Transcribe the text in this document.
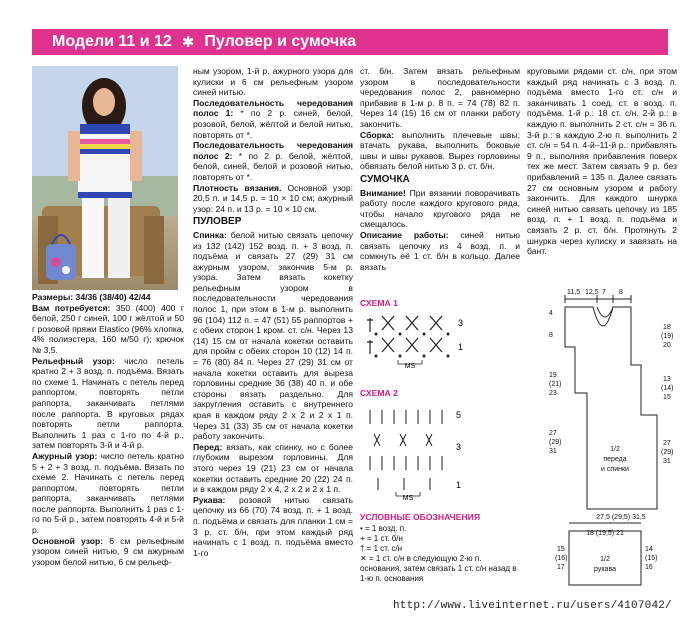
Модели 11 и 12 ✱ Пуловер и сумочка

Размеры: 34/36 (38/40) 42/44

Вам потребуется: 350 (400) 400 г белой, 250 г синей, 100 г жёлтой и 50 г розовой пряжи Elastico (96% хлопка, 4% полиэстера, 160 м/50 г); крючок № 3,5.

Рельефный узор: число петель кратно 2 + 3 возд. п. подъёма. Вязать по схеме 1. Начинать с петель перед раппортом, повторять петли раппорта, заканчивать петлями после раппорта. В круговых рядах повторять петли раппорта. Выполнить 1 раз с 1-го по 4-й р., затем повторять 3-й и 4-й р.

Ажурный узор: число петель кратно 5 + 2 + 3 возд. п. подъёма. Вязать по схеме 2. Начинать с петель перед раппортом, повторять петли раппорта, заканчивать петлями после раппорта. Выполнить 1 раз с 1-го по 5-й р., затем повторять 4-й и 5-й р.

Основной узор: 6 см рельефным узором синей нитью, 9 см ажурным узором белой нитью, 6 см рельеф-

ным узором, 1-й р. ажурного узора для кулиски и 6 см рельефным узором синей нитью.

Последовательность чередования полос 1: * по 2 р. синей, белой, розовой, белой, жёлтой и белой нитью, повторять от *.

Последовательность чередования полос 2: * по 2 р. белой, жёлтой, белой, синей, белой и розовой нитью, повторять от *.

Плотность вязания. Основной узор: 20,5 п. и 14,5 р. = 10 × 10 см; ажурный узор: 24 п. и 13 р. = 10 × 10 см.

ПУЛОВЕР

Спинка: белой нитью связать цепочку из 132 (142) 152 возд. п. + 3 возд. п. подъёма и связать 27 (29) 31 см ажурным узором, закончив 5-м р. узора. Затем вязать кокетку рельефным узором в последовательности чередования полос 1, при этом в 1-м р. выполнить 96 (104) 112 п. = 47 (51) 55 раппортов + с обеих сторон 1 кром. ст. с/н. Через 13 (14) 15 см от начала кокетки оставить для пройм с обеих сторон 10 (12) 14 п. = 76 (80) 84 п. Через 27 (29) 31 см от начала кокетки оставить для выреза горловины средние 36 (38) 40 п. и обе стороны вязать раздельно. Для закругления оставить с внутреннего края в каждом ряду 2 х 2 и 2 х 1 п. Через 31 (33) 35 см от начала кокетки работу закончить.

Перед: вязать, как спинку, но с более глубоким вырезом горловины. Для этого через 19 (21) 23 см от начала кокетки оставить средние 20 (22) 24 п. и в каждом ряду 2 х 4, 2 х 2 и 2 х 1 п.

Рукава: розовой нитью связать цепочку из 66 (70) 74 возд. п. + 1 возд. п. подъёма и связать для планки 1 см = 3 р. ст. б/н, при этом каждый ряд начинать с 1 возд. п. подъёма вместо 1-го

ст. б/н. Затем вязать рельефным узором в последовательности чередования полос 2, равномерно прибавив в 1-м р. 8 п. = 74 (78) 82 п. Через 14 (15) 16 см от планки работу закончить.

Сборка: выполнить плечевые швы; втачать рукава, выполнить боковые швы и швы рукавов. Вырез горловины обвязать белой нитью 3 р. ст. б/н.

СУМОЧКА

Внимание! При вязании поворачивать работу после каждого кругового ряда, чтобы начало кругового ряда не смещалось.

Описание работы: синей нитью связать цепочку из 4 возд. п. и сомкнуть её 1 ст. б/н в кольцо. Далее вязать

СХЕМА 1
MS
3
1
СХЕМА 2
MS
5
3
1
УСЛОВНЫЕ ОБОЗНАЧЕНИЯ
• = 1 возд. п.
+ = 1 ст. б/н
† = 1 ст. с/н
✕ = 1 ст. с/н в следующую 2-ю п. основания, затем связать 1 ст. с/н назад в 1-ю п. основания

круговыми рядами ст. с/н, при этом каждый ряд начинать с 3 возд. п. подъёма вместо 1-го ст. с/н и заканчивать 1 соед. ст. в возд. п. подъёма. 1-й р.: 18 ст. с/н. 2-й р.: в каждую п. выполнить 2 ст. с/н = 36 п. 3-й р.: в каждую 2-ю п. выполнить 2 ст. с/н = 54 п. 4-й–11-й р.: прибавлять 9 п., выполняя прибавления поверх тех же мест. Затем связать 9 р. без прибавлений = 135 п. Далее связать 27 см основным узором и работу закончить. Для каждого шнурка синей нитью связать цепочку из 185 возд. п. + 1 возд. п. подъёма и связать 2 р. ст. б/н. Протянуть 2 шнурка через кулиску и завязать на бант.

11,5 12,5 7 8
4
8
19
(21)
23
27
(29)
31
18
(19)
20
13
(14)
15
27
(29)
31
1/2
переда
и спинки
27,5 (29,5) 31,5
18 (19,5) 21
1/2
рукава
15
(16)
17
14
(15)
16
http://www.liveinternet.ru/users/4107042/
